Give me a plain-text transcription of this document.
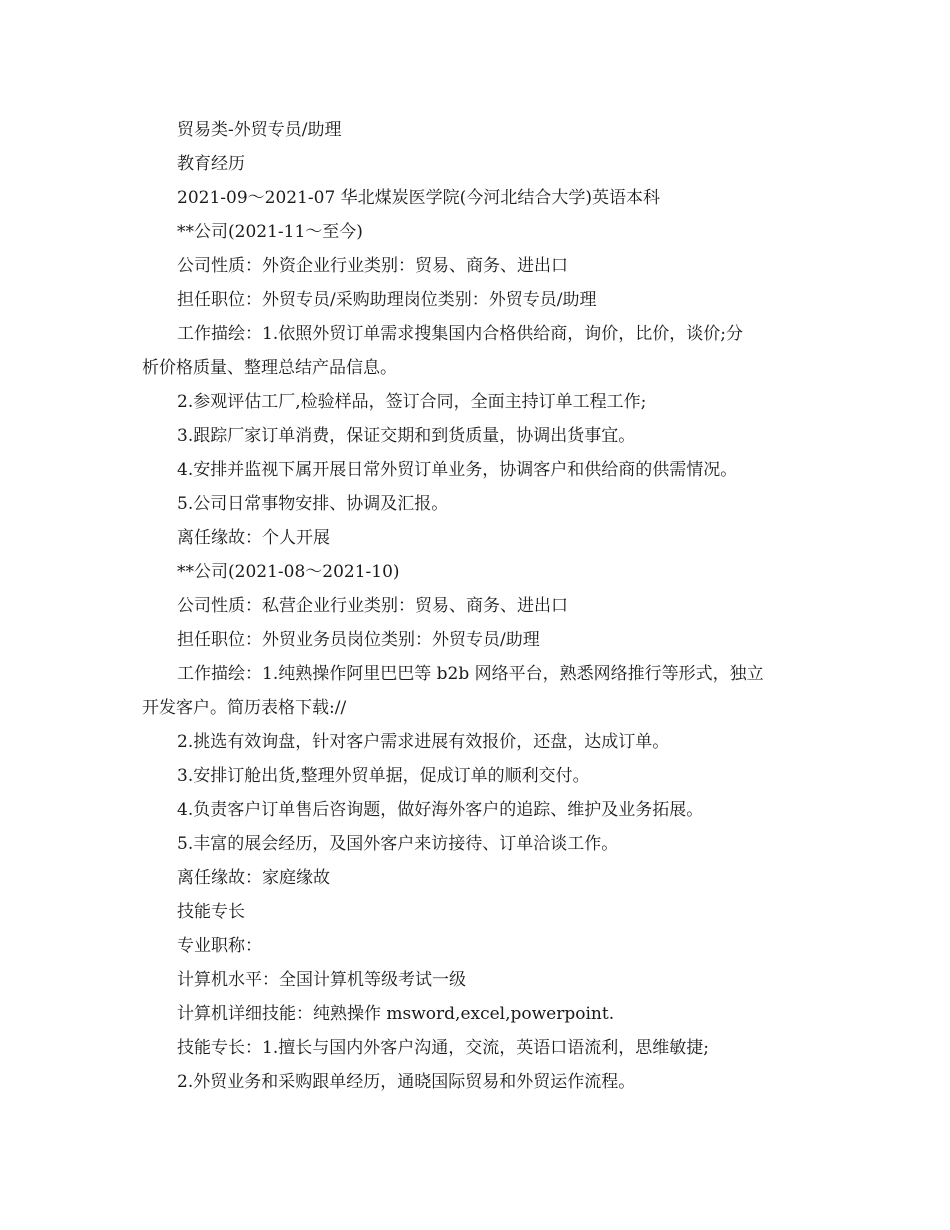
贸易类-外贸专员/助理
教育经历
2021-09～2021-07 华北煤炭医学院(今河北结合大学)英语本科
**公司(2021-11～至今)
公司性质：外资企业行业类别：贸易、商务、进出口
担任职位：外贸专员/采购助理岗位类别：外贸专员/助理
工作描绘：1.依照外贸订单需求搜集国内合格供给商，询价，比价，谈价;分
析价格质量、整理总结产品信息。
2.参观评估工厂,检验样品，签订合同，全面主持订单工程工作;
3.跟踪厂家订单消费，保证交期和到货质量，协调出货事宜。
4.安排并监视下属开展日常外贸订单业务，协调客户和供给商的供需情况。
5.公司日常事物安排、协调及汇报。
离任缘故：个人开展
**公司(2021-08～2021-10)
公司性质：私营企业行业类别：贸易、商务、进出口
担任职位：外贸业务员岗位类别：外贸专员/助理
工作描绘：1.纯熟操作阿里巴巴等 b2b 网络平台，熟悉网络推行等形式，独立
开发客户。简历表格下载://
2.挑选有效询盘，针对客户需求进展有效报价，还盘，达成订单。
3.安排订舱出货,整理外贸单据，促成订单的顺利交付。
4.负责客户订单售后咨询题，做好海外客户的追踪、维护及业务拓展。
5.丰富的展会经历，及国外客户来访接待、订单洽谈工作。
离任缘故：家庭缘故
技能专长
专业职称：
计算机水平：全国计算机等级考试一级
计算机详细技能：纯熟操作 msword,excel,powerpoint.
技能专长：1.擅长与国内外客户沟通，交流，英语口语流利，思维敏捷;
2.外贸业务和采购跟单经历，通晓国际贸易和外贸运作流程。
